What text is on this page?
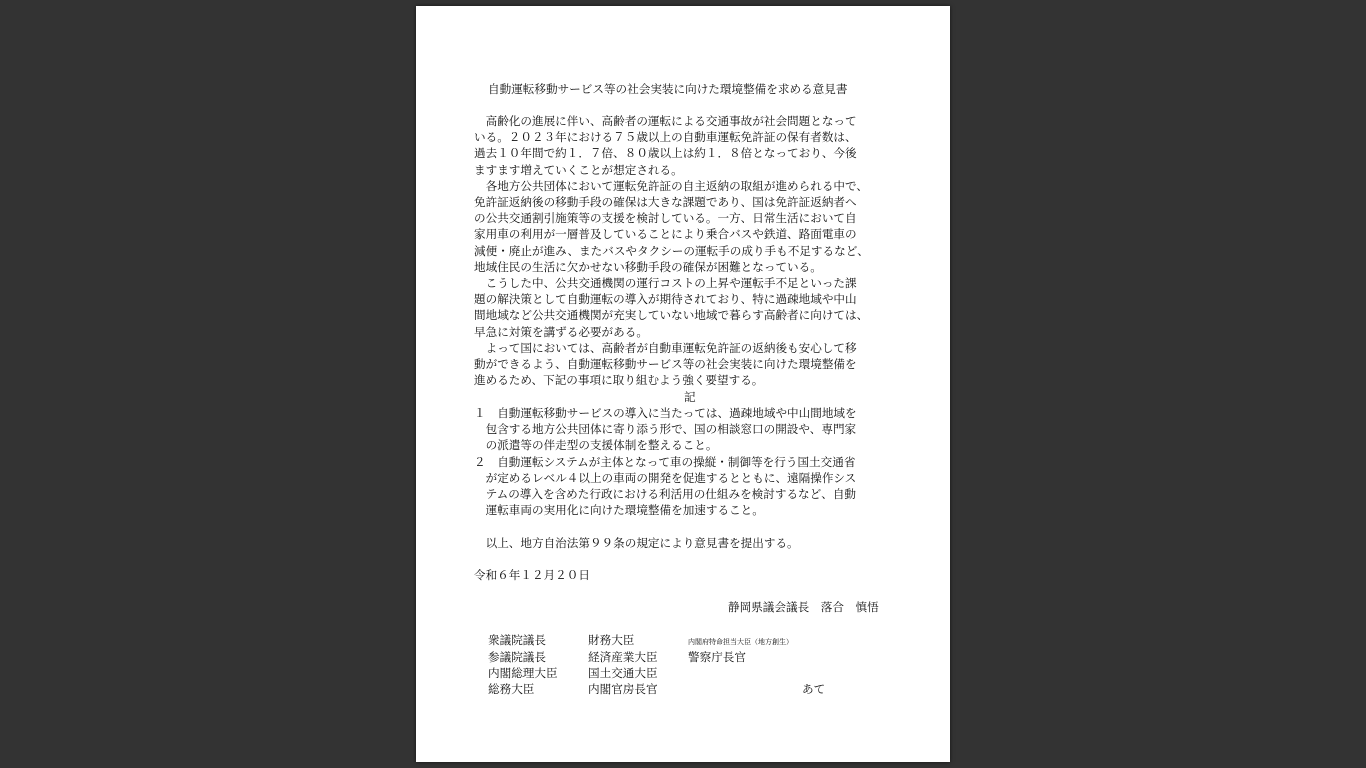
自動運転移動サービス等の社会実装に向けた環境整備を求める意見書
　高齢化の進展に伴い、高齢者の運転による交通事故が社会問題となって
いる。２０２３年における７５歳以上の自動車運転免許証の保有者数は、
過去１０年間で約１．７倍、８０歳以上は約１．８倍となっており、今後
ますます増えていくことが想定される。
　各地方公共団体において運転免許証の自主返納の取組が進められる中で、
免許証返納後の移動手段の確保は大きな課題であり、国は免許証返納者へ
の公共交通割引施策等の支援を検討している。一方、日常生活において自
家用車の利用が一層普及していることにより乗合バスや鉄道、路面電車の
減便・廃止が進み、またバスやタクシーの運転手の成り手も不足するなど、
地域住民の生活に欠かせない移動手段の確保が困難となっている。
　こうした中、公共交通機関の運行コストの上昇や運転手不足といった課
題の解決策として自動運転の導入が期待されており、特に過疎地域や中山
間地域など公共交通機関が充実していない地域で暮らす高齢者に向けては、
早急に対策を講ずる必要がある。
　よって国においては、高齢者が自動車運転免許証の返納後も安心して移
動ができるよう、自動運転移動サービス等の社会実装に向けた環境整備を
進めるため、下記の事項に取り組むよう強く要望する。
記
１　自動運転移動サービスの導入に当たっては、過疎地域や中山間地域を
　包含する地方公共団体に寄り添う形で、国の相談窓口の開設や、専門家
　の派遣等の伴走型の支援体制を整えること。
２　自動運転システムが主体となって車の操縦・制御等を行う国土交通省
　が定めるレベル４以上の車両の開発を促進するとともに、遠隔操作シス
　テムの導入を含めた行政における利活用の仕組みを検討するなど、自動
　運転車両の実用化に向けた環境整備を加速すること。
　以上、地方自治法第９９条の規定により意見書を提出する。
令和６年１２月２０日
静岡県議会議長　落合　慎悟
衆議院議長
参議院議長
内閣総理大臣
総務大臣
財務大臣
経済産業大臣
国土交通大臣
内閣官房長官
内閣府特命担当大臣（地方創生）
警察庁長官
あて
